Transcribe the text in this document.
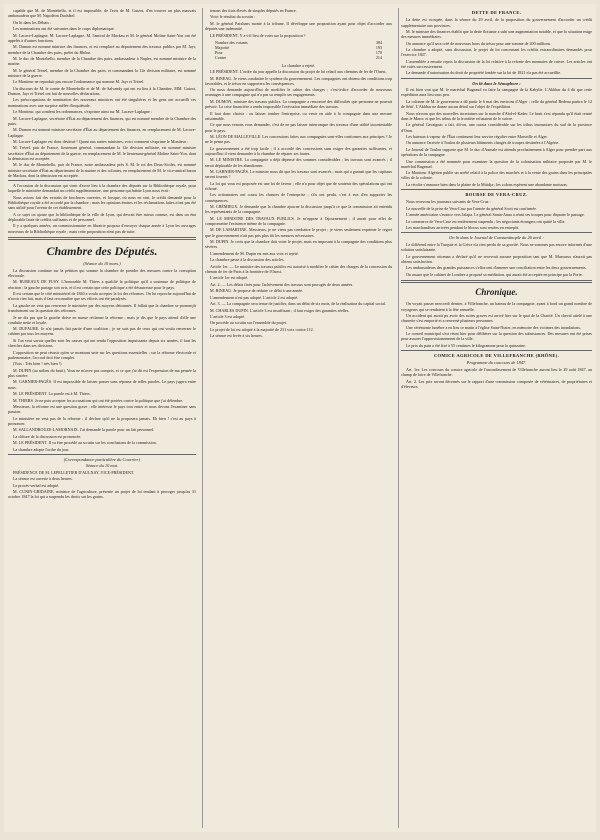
capable que M. de Montebello, et il est impossible, de l'avis de M. Guizot, d'en trouver un plus mauvais ambassadeur que M. Napoléon Duchâtel.

On lit dans les Débats :

Les nominations ont été suivantes dans le corps diplomatique.

M. Lacave-Laplagne, M. Lacave-Laplagne, M. l'amiral de Mackau et M. le général Moline Saint-Yon ont été appelés à d'autres fonctions.

M. Dumon est nommé ministre des finances, et est remplacé au département des travaux publics par M. Jayr, membre de la Chambre des pairs, préfet du Rhône.

M. le duc de Montebello, membre de la Chambre des pairs, ambassadeur à Naples, est nommé ministre de la marine.

M. le général Trézel, membre de la Chambre des pairs, et commandant la 12e division militaire, est nommé ministre de la guerre.

Le Moniteur ne reproduit pas encore l'ordonnance qui nomme M. Jayr et Trézel.

Un discours de M. le comte de Montebello et de M. de Salvandy qui ont eu lieu à la Chambre, MM. Guizot, Dumon, Jayr et Trézel ont fait de nouvelles déclarations.

Les préoccupations de nomination des nouveaux ministres ont été singulières et les gens ont accueilli ces nominations avec une surprise mêlée d'inquiétude.

Le Moniteur, qui contient les ordonnances, s'exprime ainsi sur M. Lacave-Laplagne :

M. Lacave-Laplagne, secrétaire d'État au département des finances, qui est nommé membre de la Chambre des pairs.

M. Dumon est nommé ministre secrétaire d'État au département des finances, en remplacement de M. Lacave-Laplagne.

M. Lacave-Laplagne est donc destitué ! Quant aux autres ministres, voici comment s'exprime le Moniteur :

M. Trézel, pair de France, lieutenant général, commandant la 12e division militaire, est nommé ministre secrétaire d'État au département de la guerre, en remplacement de M. le lieutenant-général Moline Saint-Yon, dont la démission est acceptée.

M. le duc de Montebello, pair de France, notre ambassadeur près S. M. le roi des Deux-Siciles, est nommé ministre secrétaire d'État au département de la marine et des colonies, en remplacement de M. le vice-amiral baron de Mackau, dont la démission est acceptée.

A l'occasion de la discussion qui vient d'avoir lieu à la chambre des députés sur la Bibliothèque royale, pour laquelle le ministère demandait un crédit supplémentaire, une personne qui habite Lyon nous écrit :

Nous avions fait des extraits de brochures ouvertes, et lorsque, où nous en vint, le crédit demandé pour la Bibliothèque royale a été accordé par la chambre ; mais les opinions émises et les réclamations faites n'ont pas été sans utilité pour l'avenir de cet établissement.

A ce sujet on ajoute que la bibliothèque de la ville de Lyon, qui devrait être mieux connue, est dans un état déplorable faute de crédits suffisants et de personnel.

Il y a quelques années, un commissionnaire en librairie proposa d'envoyer chaque année à Lyon les ouvrages nouveaux de la Bibliothèque royale ; mais cette proposition n'eut pas de suite.

Chambre des Députés.
(Séance du 10 mars.)

La discussion continue sur la pétition qui somme la chambre de prendre des mesures contre la corruption électorale.

M. BUREAUX DE PUSY. L'honorable M. Thiers a qualifié la politique qu'il a soutenue de politique de réaction ; la gauche partage son avis, et il est certain que cette politique a été désastreuse pour le pays.

Il est certain que le côté ministériel de 1840 a voulu accepter la loi des réformes. On lui reproche aujourd'hui de n'avoir rien fait, mais il faut reconnaître que ses efforts ont été paralysés.

La gauche ne veut pas renverser le ministère par des moyens détournés. Il fallait que la chambre se prononçât franchement sur la question des réformes.

Je ne dis pas que la gauche doive en masse réclamer la réforme ; mais je dis que le pays attend d'elle une conduite nette et loyale.

M. DUFAURE. Je n'ai jamais fait partie d'une coalition ; je ne suis pas de ceux qui ont voulu renverser le cabinet par tous les moyens.

Si l'on veut savoir quelles sont les causes qui ont rendu l'opposition impuissante depuis six années, il faut les chercher dans ses divisions.

L'opposition ne peut réussir qu'en se montrant unie sur les questions essentielles ; sur la réforme électorale et parlementaire, l'accord doit être complet.

(Voix : Très bien ! très bien !)

M. DUPIN (au milieu du bruit). Vous ne m'avez pas compris, et ce que j'ai dit est l'expression de ma pensée la plus sincère.

M. GARNIER-PAGÈS. Il est impossible de laisser passer sans réponse de telles paroles. Le pays jugera entre nous.

M. LE PRÉSIDENT. La parole est à M. Thiers.

M. THIERS. Je ne puis accepter les accusations qui ont été portées contre la politique que j'ai défendue.

Messieurs, la réforme est une question grave ; elle intéresse le pays tout entier et nous devons l'examiner sans passion.

Le ministère ne veut pas de la réforme ; il déclare qu'il ne la proposera jamais. Eh bien ! c'est au pays à prononcer.

M. SALLANDROUZE-LAMORNAIX. J'ai demandé la parole pour un fait personnel.

La clôture de la discussion est prononcée.

M. LE PRÉSIDENT. Il va être procédé au scrutin sur les conclusions de la commission.

La chambre adopte l'ordre du jour.

(Correspondance particulière du Courrier.)
Séance du 10 mai.

PRÉSIDENCE DE M. LEPELLETIER D'AULNAY, VICE-PRÉSIDENT.

La séance est ouverte à deux heures.

Le procès-verbal est adopté.

M. CUNIN-GRIDAINE, ministre de l'agriculture, présente un projet de loi tendant à proroger jusqu'au 31 octobre 1847 la loi qui a suspendu les droits sur les grains.

tenons des frais élevés de simples députés en France.

Voici le résultat du scrutin :

M. le général Paixhans monte à la tribune. Il développe une proposition ayant pour objet d'accorder aux députés une indemnité.

LE PRÉSIDENT. Y a-t-il lieu de voter sur la proposition ?

Nombre des votants	384
Majorité	193
Pour	170
Contre	214

La chambre a rejeté.

LE PRÉSIDENT. L'ordre du jour appelle la discussion du projet de loi relatif aux chemins de fer de l'Ouest.

M. BINEAU. Je viens combattre le système du gouvernement. Les compagnies ont obtenu des conditions trop favorables, et le trésor en supportera les conséquences.

On nous demande aujourd'hui de modifier le cahier des charges ; c'est-à-dire d'accorder de nouveaux avantages à une compagnie qui n'a pas su remplir ses engagements.

M. DUMON, ministre des travaux publics. La compagnie a rencontré des difficultés que personne ne pouvait prévoir. La crise financière a rendu impossible l'exécution immédiate des travaux.

Il faut donc choisir : ou laisser tomber l'entreprise, ou venir en aide à la compagnie dans une mesure raisonnable.

Ce que nous venons vous demander, c'est de ne pas laisser interrompre des travaux d'une utilité incontestable pour le pays.

M. LÉON DE MALLEVILLE. Les concessions faites aux compagnies sont-elles conformes aux principes ? Je ne le pense pas.

Le gouvernement a été trop facile ; il a accordé des concessions sans exiger des garanties suffisantes, et aujourd'hui il vient demander à la chambre de réparer ses fautes.

M. LE MINISTRE. La compagnie a déjà dépensé des sommes considérables ; les travaux sont avancés ; il serait déplorable de les abandonner.

M. GARNIER-PAGÈS. Le ministre nous dit que les travaux sont avancés ; mais qui a garanti que les capitaux seront fournis ?

La loi qui vous est proposée est une loi de faveur ; elle n'a pour objet que de soutenir des spéculations qui ont échoué.

Les actionnaires ont couru les chances de l'entreprise ; s'ils ont perdu, c'est à eux d'en supporter les conséquences.

M. CRÉMIEUX. Je demande que la chambre ajourne la discussion jusqu'à ce que la commission ait entendu les représentants de la compagnie.

M. LE MINISTRE DES TRAVAUX PUBLICS. Je m'oppose à l'ajournement ; il aurait pour effet de compromettre l'existence même de la compagnie.

M. DE LAMARTINE. Messieurs, je ne viens pas combattre le projet ; je viens seulement exprimer le regret que le gouvernement n'ait pas pris plus tôt les mesures nécessaires.

M. DUPIN. Je crois que la chambre doit voter le projet, mais en imposant à la compagnie des conditions plus sévères.

L'amendement de M. Dupin est mis aux voix et rejeté.

La chambre passe à la discussion des articles.

Article 1er. — Le ministre des travaux publics est autorisé à modifier le cahier des charges de la concession du chemin de fer de Paris à la frontière de l'Ouest.

L'article 1er est adopté.

Art. 2. — Les délais fixés pour l'achèvement des travaux sont prorogés de deux années.

M. BINEAU. Je propose de réduire ce délai à une année.

L'amendement n'est pas adopté. L'article 2 est adopté.

Art. 3. — La compagnie sera tenue de justifier, dans un délai de six mois, de la réalisation du capital social.

M. CHARLES DUPIN. L'article 3 est insuffisant ; il faut exiger des garanties réelles.

L'article 3 est adopté.

On procède au scrutin sur l'ensemble du projet.

Le projet de loi est adopté à la majorité de 231 voix contre 112.

La séance est levée à six heures.

DETTE DE FRANCE.

La dette est occupée, dans la séance du 29 avril, de la proposition du gouvernement d'accorder un crédit supplémentaire aux provinces.

M. le ministre des finances établit que la dette flottante a subi une augmentation notable, et que la situation exige des mesures immédiates.

On annonce qu'il sera créé de nouveaux bons du trésor pour une somme de 200 millions.

La chambre a adopté, sans discussion, le projet de loi concernant les crédits extraordinaires demandés pour l'exercice 1847.

L'assemblée a ensuite repris la discussion de la loi relative à la refonte des monnaies de cuivre. Les articles ont été votés successivement.

La demande d'autorisation du droit de propriété fondée sur la loi de 1821 n'a pas été accueillie.

On lit dans le Sémaphore :

Il est bien vrai que M. le maréchal Bugeaud va faire la campagne de la Kabylie. L'Akhbar du 4 dit que cette expédition aura lieu sous peu.

La colonne de M. le gouverneur a dû partir le 6 mai des environs d'Alger ; celle du général Bedeau partira le 12 de Sétif. L'Akhbar ne donne aucun détail sur l'objet de l'expédition.

Nous n'avons que des nouvelles incertaines sur la marche d'Abd-el-Kader. Le bruit s'est répandu qu'il était rentré dans le Maroc et que les tribus de la frontière refusaient de le suivre.

Le général Cavaignac a fait, dit-on, une razzia considérable sur les tribus insoumises du sud de la province d'Oran.

Les bateaux à vapeur de l'État continuent leur service régulier entre Marseille et Alger.

On annonce l'arrivée à Toulon de plusieurs bâtiments chargés de troupes destinées à l'Algérie.

Le Journal de Toulon rapporte que M. le duc d'Aumale est attendu prochainement à Alger pour prendre part aux opérations de la campagne.

Une commission a été nommée pour examiner la question de la colonisation militaire proposée par M. le maréchal Bugeaud.

Le Moniteur Algérien publie un arrêté relatif à la police des marchés et à la vente des grains dans les principales villes de la colonie.

La récolte s'annonce bien dans la plaine de la Mitidja ; les colons espèrent une abondante moisson.

BOURSE DE VERA-CRUZ.

Nous recevons les journaux suivants de Vera-Cruz :

La nouvelle de la prise de Vera-Cruz par l'armée du général Scott est confirmée.

L'armée américaine s'avance vers Jalapa. Le général Santa-Anna a réuni ses troupes pour disputer le passage.

Le commerce de Vera-Cruz est entièrement suspendu ; les négociants étrangers ont quitté la ville.

Les marchandises arrivées pendant le blocus sont restées en entrepôt.

On lit dans le Journal de Constantinople du 26 avril :

Le différend entre la Turquie et la Grèce n'a rien perdu de sa gravité. Nous ne sommes pas encore informés d'une solution satisfaisante.

Le gouvernement ottoman a déclaré qu'il ne recevrait aucune proposition tant que M. Mussurus n'aurait pas obtenu satisfaction.

Les ambassadeurs des grandes puissances s'efforcent d'amener une conciliation entre les deux gouvernements.

On assure que le cabinet de Londres a proposé sa médiation, qui aurait été acceptée en principe par la Porte.

Chronique.

On voyait passer mercredi dernier, à Villefranche, un bateau de la compagnie, ayant à bord un grand nombre de voyageurs qui se rendaient à la fête annuelle.

Un accident qui aurait pu avoir des suites graves est arrivé hier sur le quai de la Charité. Un cheval attelé à une charrette s'est emporté et a renversé plusieurs personnes.

Une cérémonie funèbre a eu lieu ce matin à l'église Saint-Nizier, en mémoire des victimes des inondations.

Le conseil municipal s'est réuni hier pour délibérer sur la question des subsistances. Des mesures ont été prises pour assurer l'approvisionnement de la ville.

Le prix du pain a été fixé à 55 centimes le kilogramme pour la quinzaine.

COMICE AGRICOLE DE VILLEFRANCHE (RHÔNE).
Programme du concours de 1847.

Art. 1er. Les concours du comice agricole de l'arrondissement de Villefranche auront lieu le 29 août 1847, au champ de foire de Villefranche.

Art. 2. Les prix seront décernés sur le rapport d'une commission composée de vétérinaires, de propriétaires et d'éleveurs.
